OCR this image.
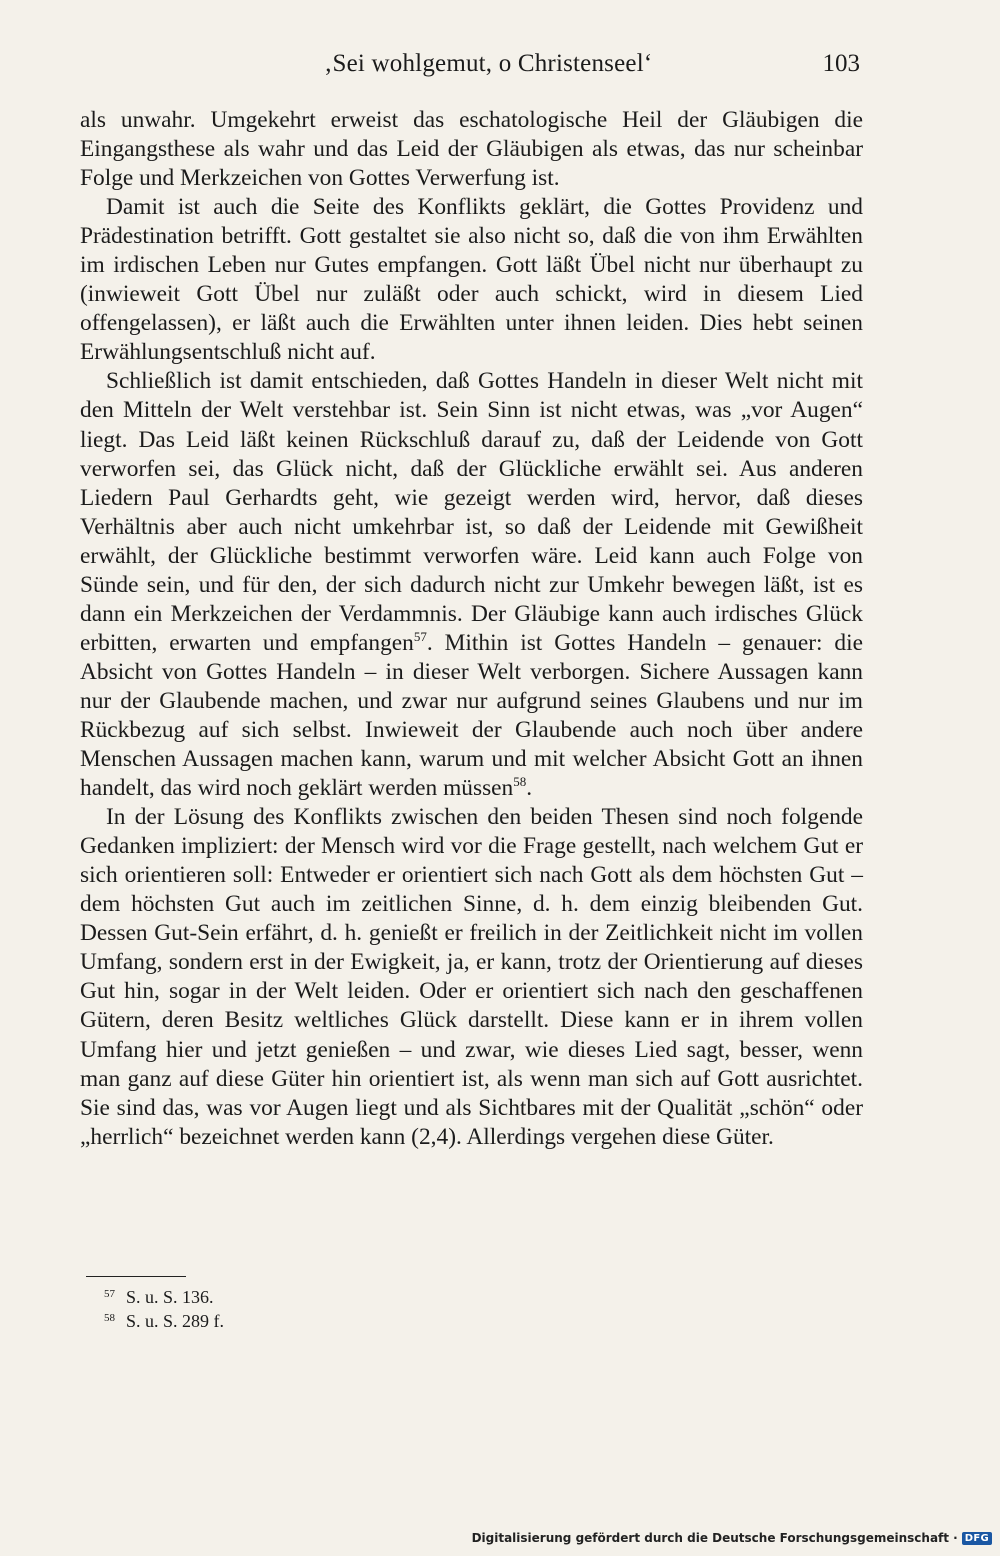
‚Sei wohlgemut, o Christenseel‘	103

als unwahr. Umgekehrt erweist das eschatologische Heil der Gläubigen die Eingangsthese als wahr und das Leid der Gläubigen als etwas, das nur scheinbar Folge und Merkzeichen von Gottes Verwerfung ist.

Damit ist auch die Seite des Konflikts geklärt, die Gottes Providenz und Prädestination betrifft. Gott gestaltet sie also nicht so, daß die von ihm Erwählten im irdischen Leben nur Gutes empfangen. Gott läßt Übel nicht nur überhaupt zu (inwieweit Gott Übel nur zuläßt oder auch schickt, wird in diesem Lied offengelassen), er läßt auch die Erwählten unter ihnen leiden. Dies hebt seinen Erwählungsentschluß nicht auf.

Schließlich ist damit entschieden, daß Gottes Handeln in dieser Welt nicht mit den Mitteln der Welt verstehbar ist. Sein Sinn ist nicht etwas, was „vor Augen“ liegt. Das Leid läßt keinen Rückschluß darauf zu, daß der Leidende von Gott verworfen sei, das Glück nicht, daß der Glückliche erwählt sei. Aus anderen Liedern Paul Gerhardts geht, wie gezeigt werden wird, hervor, daß dieses Verhältnis aber auch nicht umkehrbar ist, so daß der Leidende mit Gewißheit erwählt, der Glückliche bestimmt verworfen wäre. Leid kann auch Folge von Sünde sein, und für den, der sich dadurch nicht zur Umkehr bewegen läßt, ist es dann ein Merkzeichen der Verdammnis. Der Gläubige kann auch irdisches Glück erbitten, erwarten und empfangen$^{57}$. Mithin ist Gottes Handeln – genauer: die Absicht von Gottes Handeln – in dieser Welt verborgen. Sichere Aussagen kann nur der Glaubende machen, und zwar nur aufgrund seines Glaubens und nur im Rückbezug auf sich selbst. Inwieweit der Glaubende auch noch über andere Menschen Aussagen machen kann, warum und mit welcher Absicht Gott an ihnen handelt, das wird noch geklärt werden müssen$^{58}$.

In der Lösung des Konflikts zwischen den beiden Thesen sind noch folgende Gedanken impliziert: der Mensch wird vor die Frage gestellt, nach welchem Gut er sich orientieren soll: Entweder er orientiert sich nach Gott als dem höchsten Gut – dem höchsten Gut auch im zeitlichen Sinne, d. h. dem einzig bleibenden Gut. Dessen Gut-Sein erfährt, d. h. genießt er freilich in der Zeitlichkeit nicht im vollen Umfang, sondern erst in der Ewigkeit, ja, er kann, trotz der Orientierung auf dieses Gut hin, sogar in der Welt leiden. Oder er orientiert sich nach den geschaffenen Gütern, deren Besitz weltliches Glück darstellt. Diese kann er in ihrem vollen Umfang hier und jetzt genießen – und zwar, wie dieses Lied sagt, besser, wenn man ganz auf diese Güter hin orientiert ist, als wenn man sich auf Gott ausrichtet. Sie sind das, was vor Augen liegt und als Sichtbares mit der Qualität „schön“ oder „herrlich“ bezeichnet werden kann (2,4). Allerdings vergehen diese Güter.

57 S. u. S. 136.
58 S. u. S. 289 f.
Digitalisierung gefördert durch die Deutsche Forschungsgemeinschaft · DFG
